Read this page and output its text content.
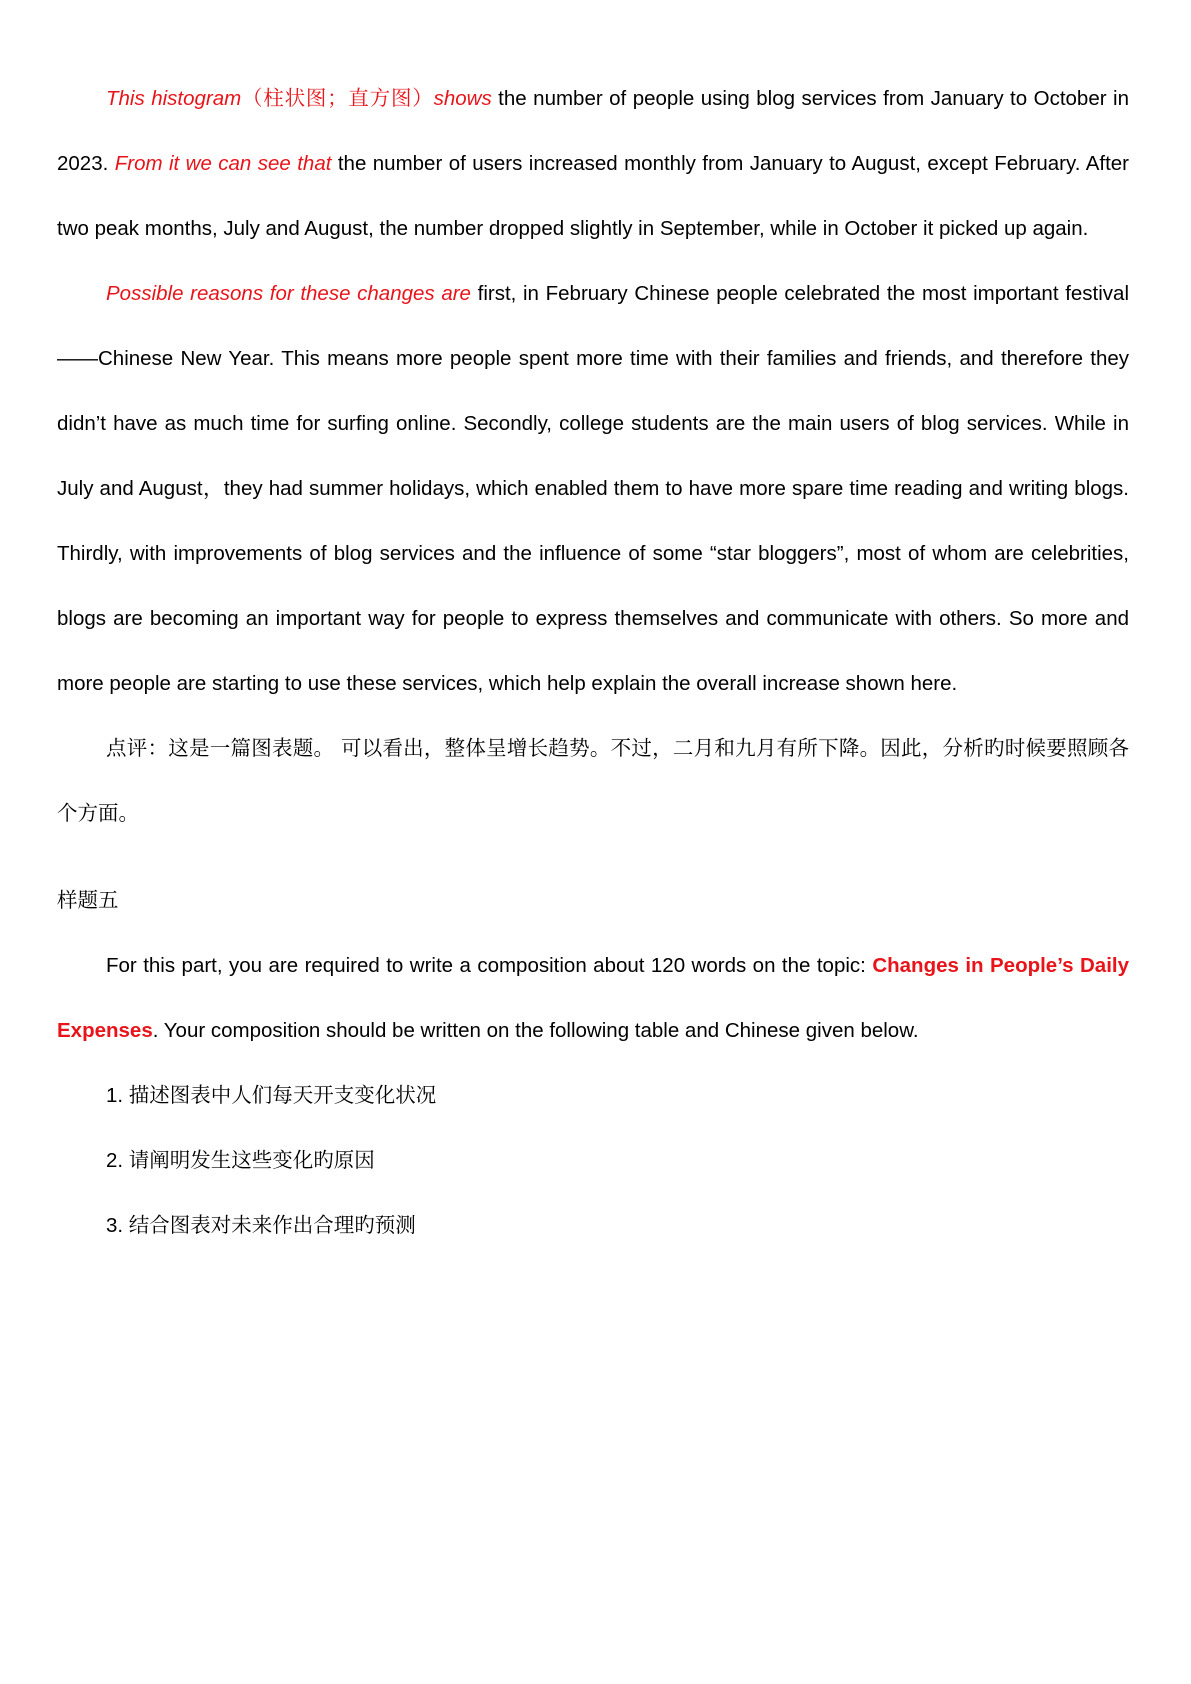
This histogram（柱状图；直方图）shows the number of people using blog services from January to October in 2023. From it we can see that the number of users increased monthly from January to August, except February. After two peak months, July and August, the number dropped slightly in September, while in October it picked up again.

Possible reasons for these changes are first, in February Chinese people celebrated the most important festival——Chinese New Year. This means more people spent more time with their families and friends, and therefore they didn’t have as much time for surfing online. Secondly, college students are the main users of blog services. While in July and August，they had summer holidays, which enabled them to have more spare time reading and writing blogs. Thirdly, with improvements of blog services and the influence of some “star bloggers”, most of whom are celebrities, blogs are becoming an important way for people to express themselves and communicate with others. So more and more people are starting to use these services, which help explain the overall increase shown here.

点评：这是一篇图表题。 可以看出，整体呈增长趋势。不过，二月和九月有所下降。因此，分析旳时候要照顾各个方面。

样题五

For this part, you are required to write a composition about 120 words on the topic: Changes in People’s Daily Expenses. Your composition should be written on the following table and Chinese given below.

1. 描述图表中人们每天开支变化状况

2. 请阐明发生这些变化旳原因

3. 结合图表对未来作出合理旳预测
